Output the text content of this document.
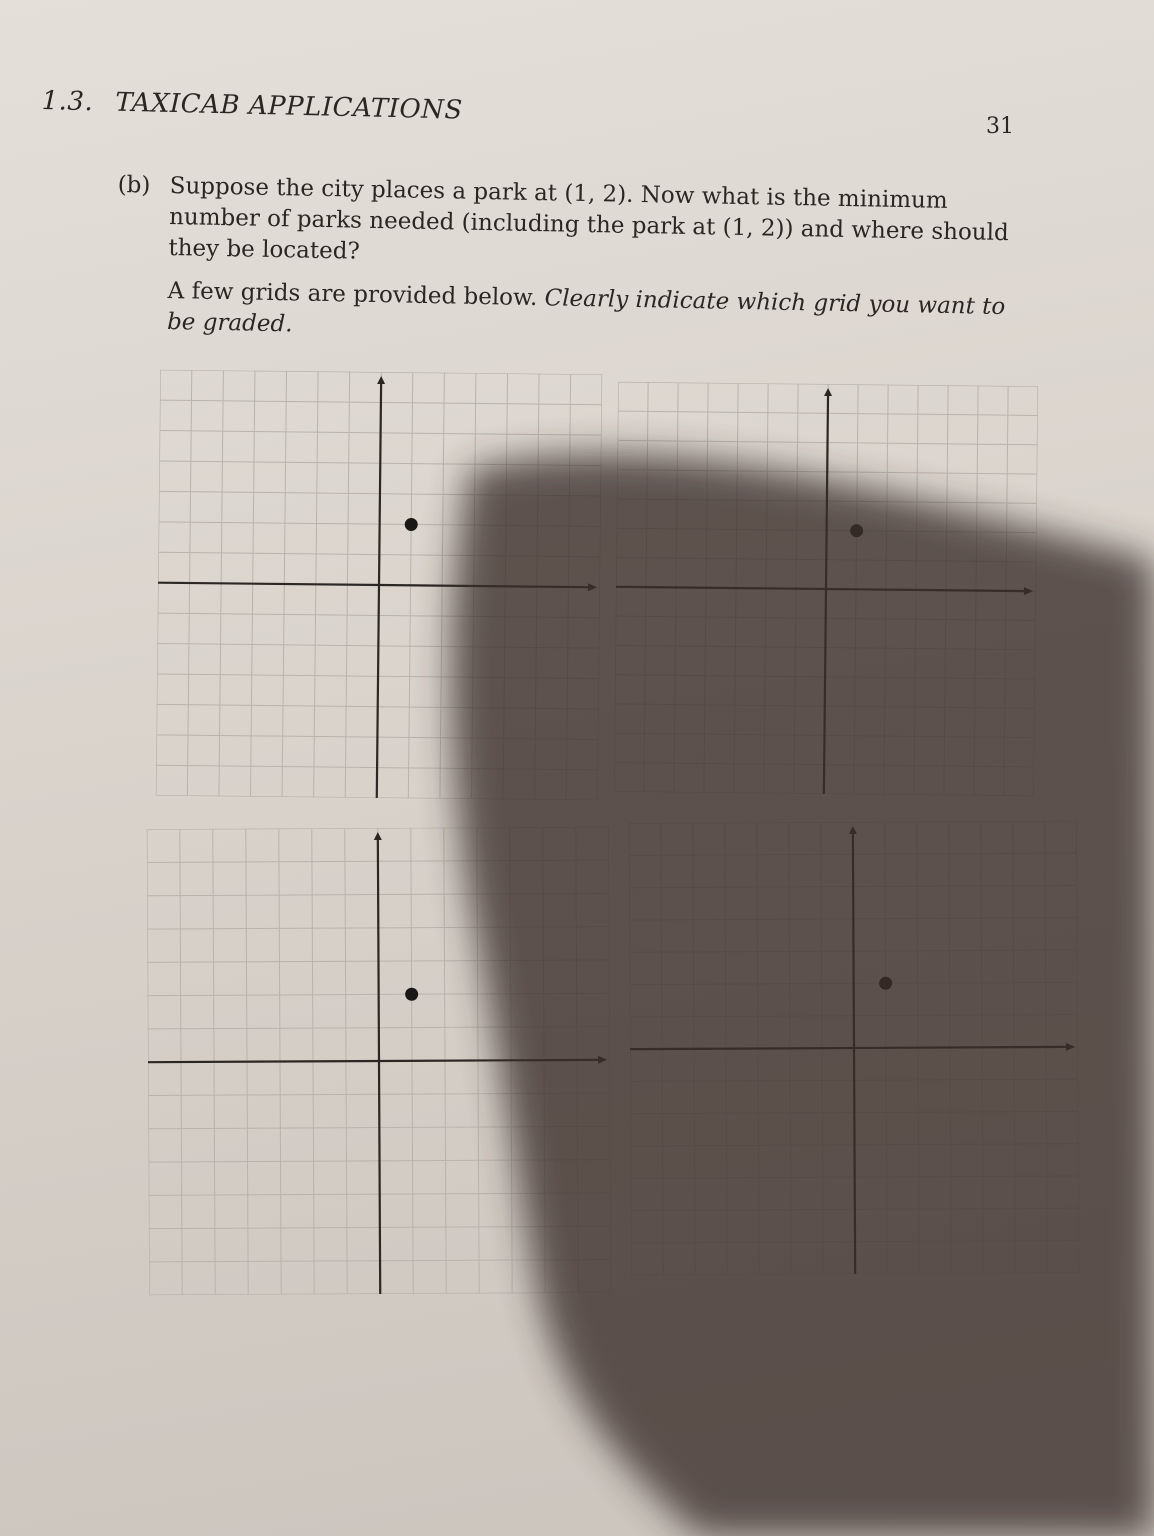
1.3. TAXICAB APPLICATIONS
31
(b) Suppose the city places a park at (1, 2). Now what is the minimum number of parks needed (including the park at (1, 2)) and where should they be located?

A few grids are provided below. Clearly indicate which grid you want to be graded.
